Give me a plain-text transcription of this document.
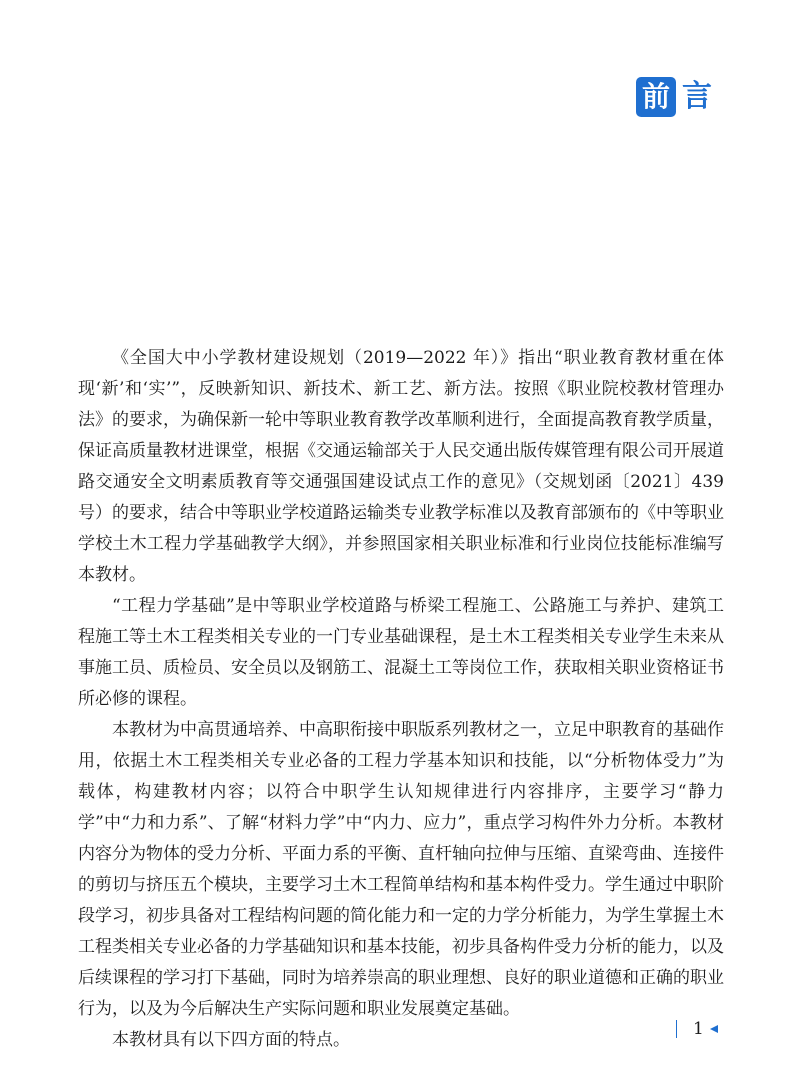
前 言

《全国大中小学教材建设规划（2019—2022 年）》指出“职业教育教材重在体现‘新’和‘实’”，反映新知识、新技术、新工艺、新方法。按照《职业院校教材管理办法》的要求，为确保新一轮中等职业教育教学改革顺利进行，全面提高教育教学质量，保证高质量教材进课堂，根据《交通运输部关于人民交通出版传媒管理有限公司开展道路交通安全文明素质教育等交通强国建设试点工作的意见》（交规划函〔2021〕439 号）的要求，结合中等职业学校道路运输类专业教学标准以及教育部颁布的《中等职业学校土木工程力学基础教学大纲》，并参照国家相关职业标准和行业岗位技能标准编写本教材。

“工程力学基础”是中等职业学校道路与桥梁工程施工、公路施工与养护、建筑工程施工等土木工程类相关专业的一门专业基础课程，是土木工程类相关专业学生未来从事施工员、质检员、安全员以及钢筋工、混凝土工等岗位工作，获取相关职业资格证书所必修的课程。

本教材为中高贯通培养、中高职衔接中职版系列教材之一，立足中职教育的基础作用，依据土木工程类相关专业必备的工程力学基本知识和技能，以“分析物体受力”为载体，构建教材内容；以符合中职学生认知规律进行内容排序，主要学习“静力学”中“力和力系”、了解“材料力学”中“内力、应力”，重点学习构件外力分析。本教材内容分为物体的受力分析、平面力系的平衡、直杆轴向拉伸与压缩、直梁弯曲、连接件的剪切与挤压五个模块，主要学习土木工程简单结构和基本构件受力。学生通过中职阶段学习，初步具备对工程结构问题的简化能力和一定的力学分析能力，为学生掌握土木工程类相关专业必备的力学基础知识和基本技能，初步具备构件受力分析的能力，以及后续课程的学习打下基础，同时为培养崇高的职业理想、良好的职业道德和正确的职业行为，以及为今后解决生产实际问题和职业发展奠定基础。

本教材具有以下四方面的特点。

1
